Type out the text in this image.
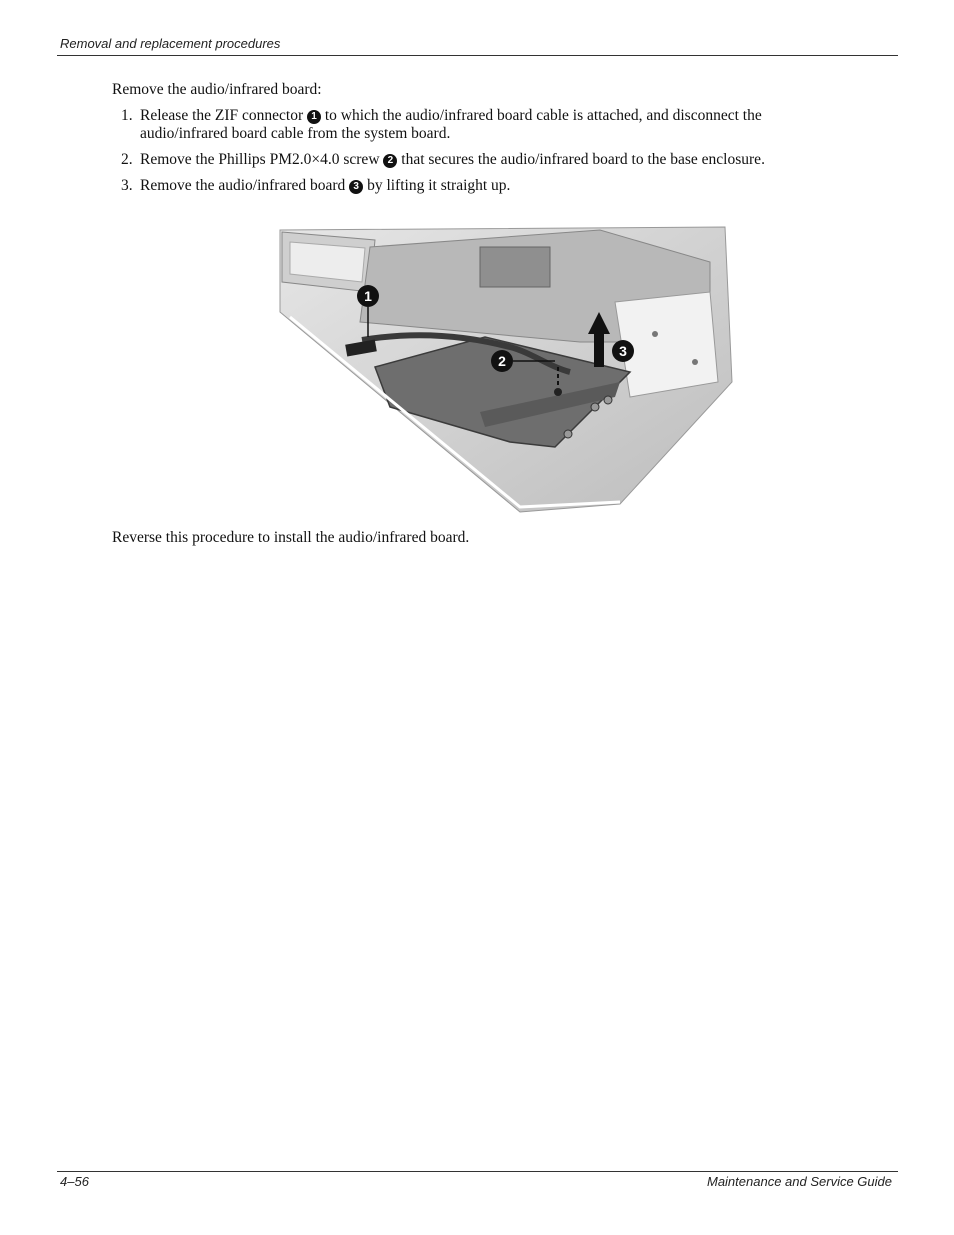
Removal and replacement procedures
Remove the audio/infrared board:
1. Release the ZIF connector 1 to which the audio/infrared board cable is attached, and disconnect the audio/infrared board cable from the system board.
2. Remove the Phillips PM2.0×4.0 screw 2 that secures the audio/infrared board to the base enclosure.
3. Remove the audio/infrared board 3 by lifting it straight up.
1
2
3
Reverse this procedure to install the audio/infrared board.
4–56	Maintenance and Service Guide
